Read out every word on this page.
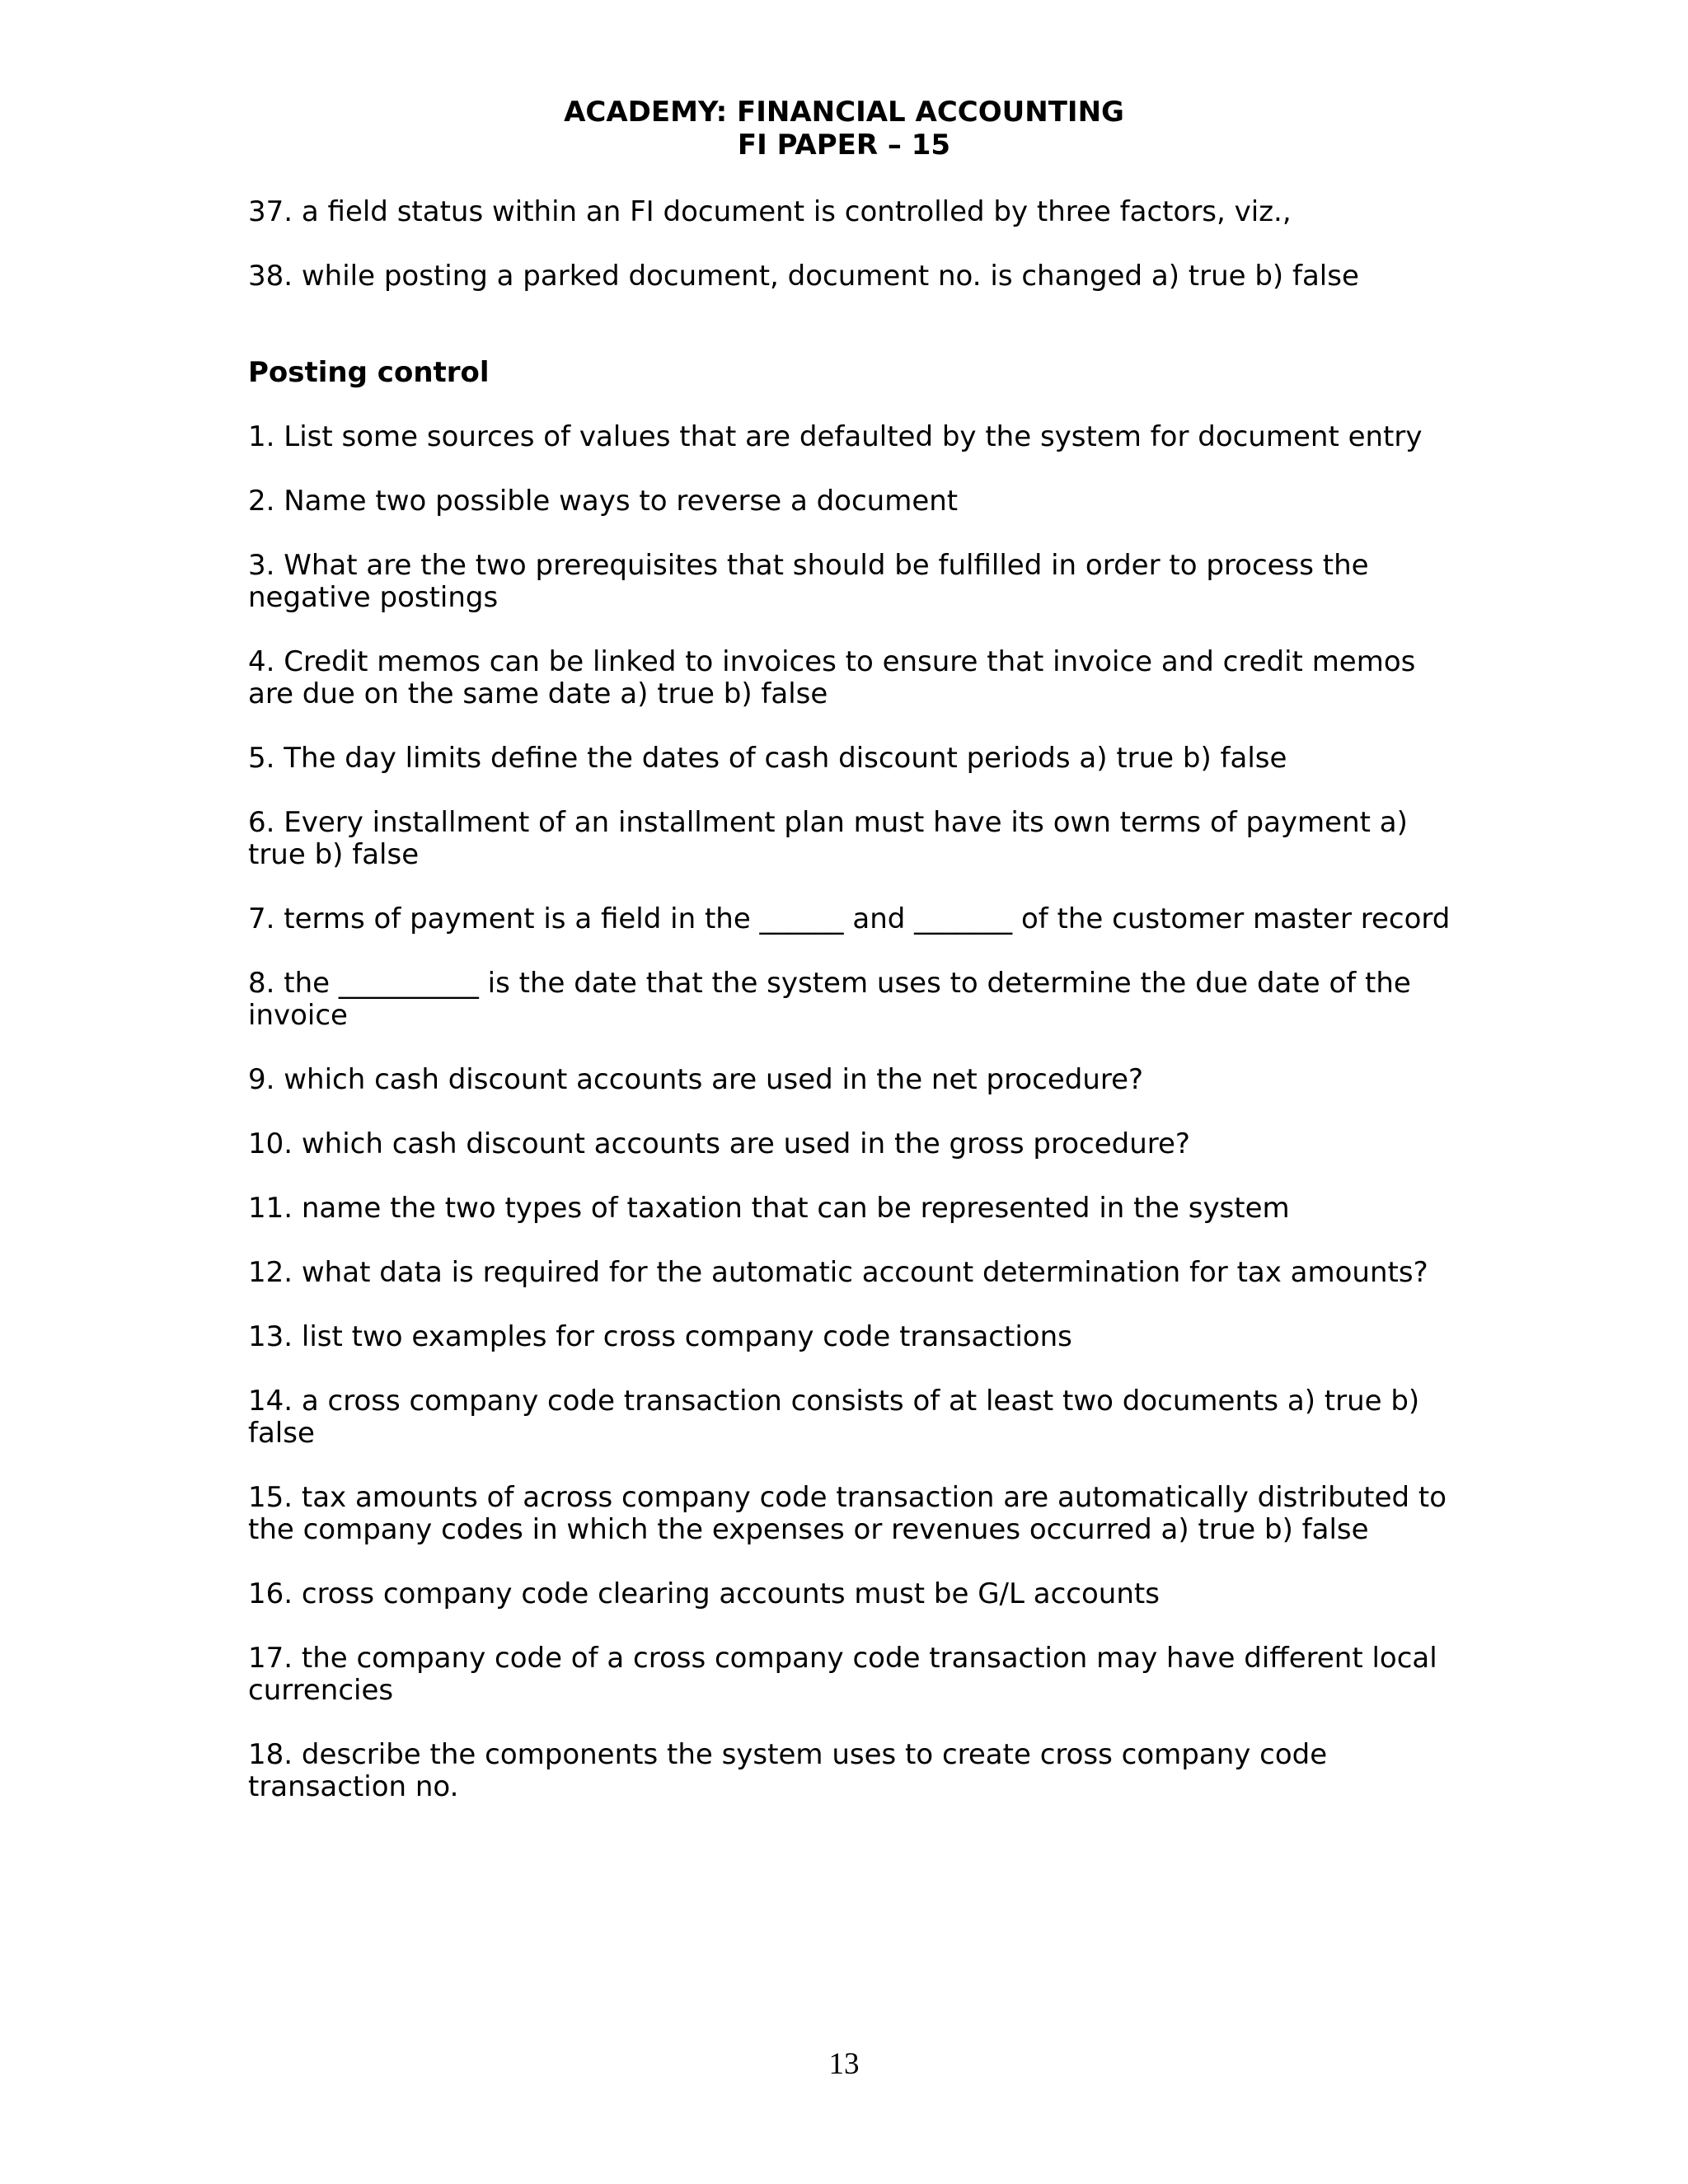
ACADEMY: FINANCIAL ACCOUNTING
FI PAPER – 15

37. a field status within an FI document is controlled by three factors, viz.,

38. while posting a parked document, document no. is changed a) true b) false

Posting control

1. List some sources of values that are defaulted by the system for document entry

2. Name two possible ways to reverse a document

3. What are the two prerequisites that should be fulfilled in order to process the negative postings

4. Credit memos can be linked to invoices to ensure that invoice and credit memos are due on the same date a) true b) false

5. The day limits define the dates of cash discount periods a) true b) false

6. Every installment of an installment plan must have its own terms of payment a) true b) false

7. terms of payment is a field in the ______ and _______ of the customer master record

8. the __________ is the date that the system uses to determine the due date of the invoice

9. which cash discount accounts are used in the net procedure?

10. which cash discount accounts are used in the gross procedure?

11. name the two types of taxation that can be represented in the system

12. what data is required for the automatic account determination for tax amounts?

13. list two examples for cross company code transactions

14. a cross company code transaction consists of at least two documents a) true b) false

15. tax amounts of across company code transaction are automatically distributed to the company codes in which the expenses or revenues occurred a) true b) false

16. cross company code clearing accounts must be G/L accounts

17. the company code of a cross company code transaction may have different local currencies

18. describe the components the system uses to create cross company code transaction no.

13
